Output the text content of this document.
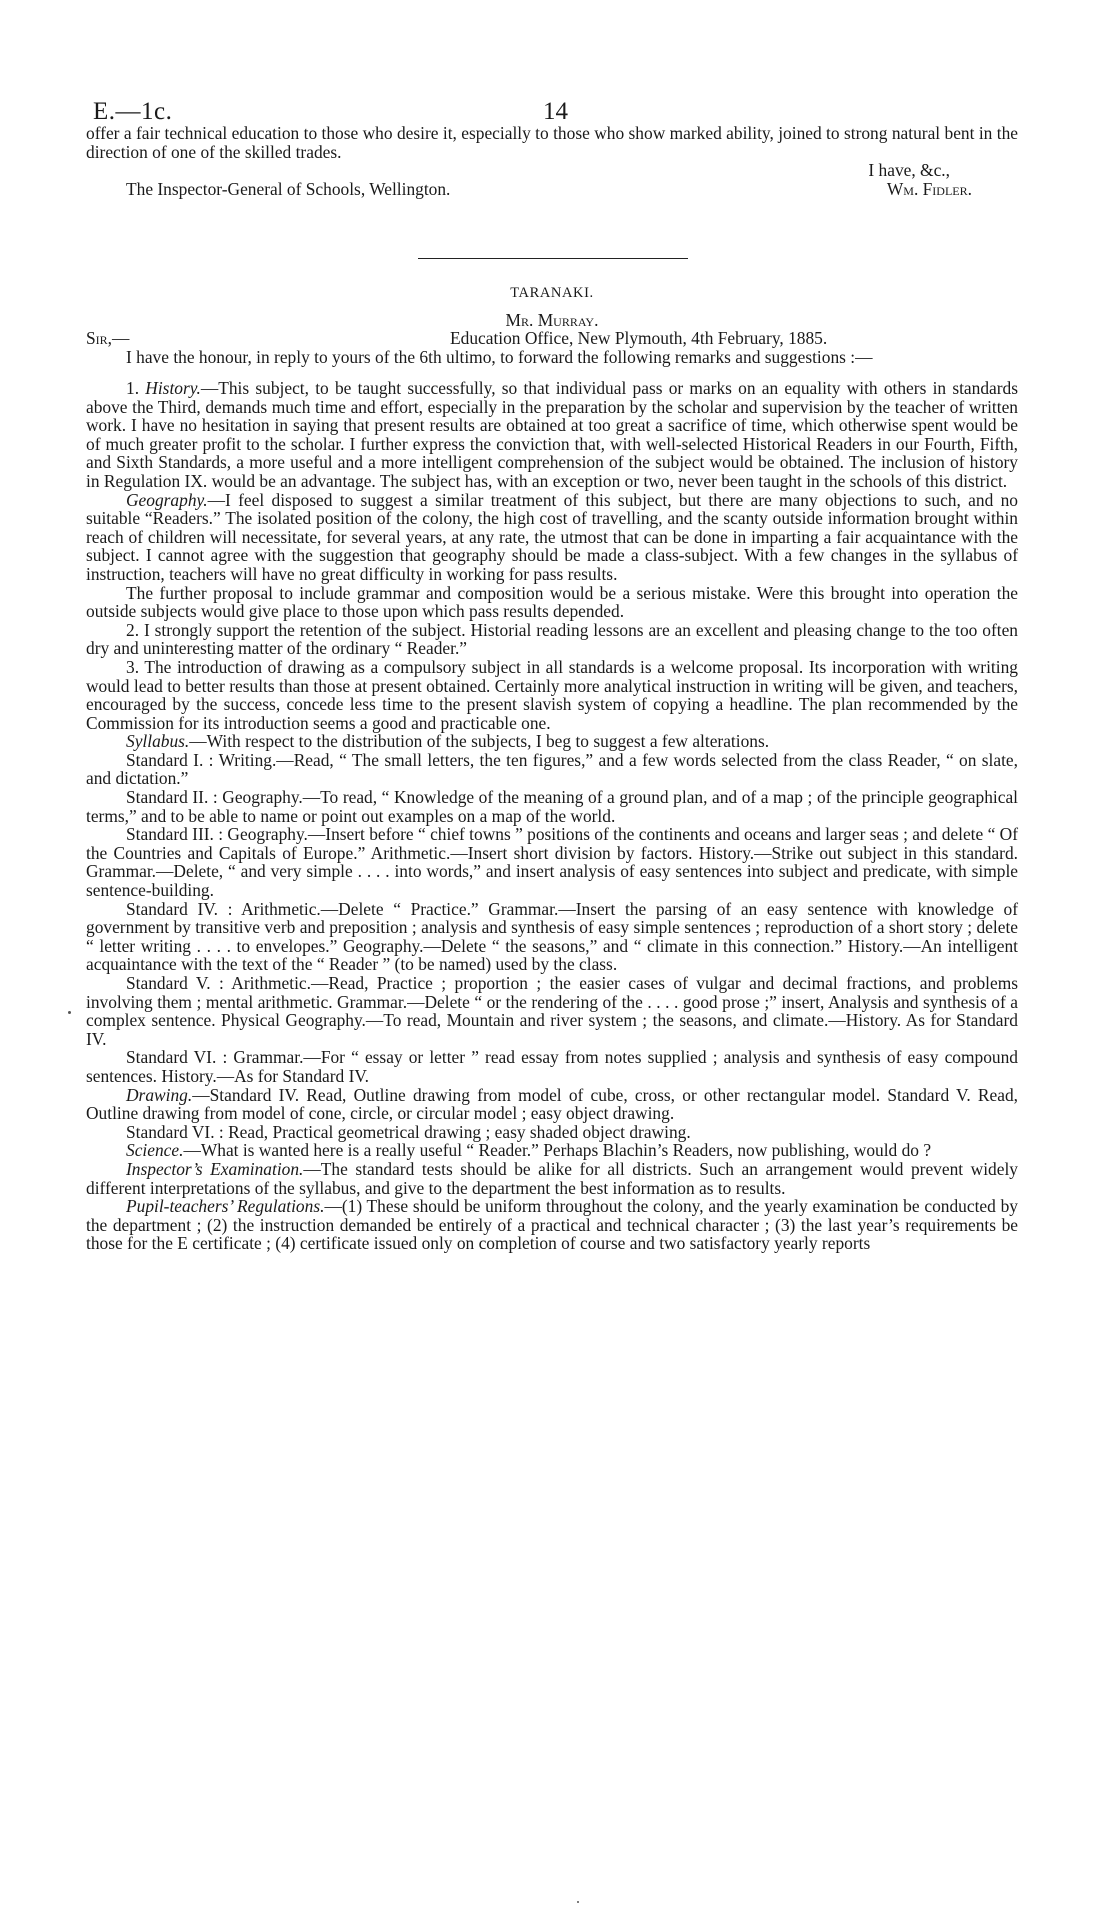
E.—1c.	14

offer a fair technical education to those who desire it, especially to those who show marked ability, joined to strong natural bent in the direction of one of the skilled trades.

I have, &c.,
The Inspector-General of Schools, Wellington.	Wm. Fidler.

TARANAKI.

Mr. Murray.

Sir,—	Education Office, New Plymouth, 4th February, 1885.

I have the honour, in reply to yours of the 6th ultimo, to forward the following remarks and suggestions :—

1. History.—This subject, to be taught successfully, so that individual pass or marks on an equality with others in standards above the Third, demands much time and effort, especially in the preparation by the scholar and supervision by the teacher of written work. I have no hesitation in saying that present results are obtained at too great a sacrifice of time, which otherwise spent would be of much greater profit to the scholar. I further express the conviction that, with well-selected Historical Readers in our Fourth, Fifth, and Sixth Standards, a more useful and a more intelligent comprehension of the subject would be obtained. The inclusion of history in Regulation IX. would be an advantage. The subject has, with an exception or two, never been taught in the schools of this district.

Geography.—I feel disposed to suggest a similar treatment of this subject, but there are many objections to such, and no suitable “Readers.” The isolated position of the colony, the high cost of travelling, and the scanty outside information brought within reach of children will necessitate, for several years, at any rate, the utmost that can be done in imparting a fair acquaintance with the subject. I cannot agree with the suggestion that geography should be made a class-subject. With a few changes in the syllabus of instruction, teachers will have no great difficulty in working for pass results.

The further proposal to include grammar and composition would be a serious mistake. Were this brought into operation the outside subjects would give place to those upon which pass results depended.

2. I strongly support the retention of the subject. Historial reading lessons are an excellent and pleasing change to the too often dry and uninteresting matter of the ordinary “ Reader.”

3. The introduction of drawing as a compulsory subject in all standards is a welcome proposal. Its incorporation with writing would lead to better results than those at present obtained. Certainly more analytical instruction in writing will be given, and teachers, encouraged by the success, concede less time to the present slavish system of copying a headline. The plan recommended by the Commission for its introduction seems a good and practicable one.

Syllabus.—With respect to the distribution of the subjects, I beg to suggest a few alterations.

Standard I. : Writing.—Read, “ The small letters, the ten figures,” and a few words selected from the class Reader, “ on slate, and dictation.”

Standard II. : Geography.—To read, “ Knowledge of the meaning of a ground plan, and of a map ; of the principle geographical terms,” and to be able to name or point out examples on a map of the world.

Standard III. : Geography.—Insert before “ chief towns ” positions of the continents and oceans and larger seas ; and delete “ Of the Countries and Capitals of Europe.” Arithmetic.—Insert short division by factors. History.—Strike out subject in this standard. Grammar.—Delete, “ and very simple . . . . into words,” and insert analysis of easy sentences into subject and predicate, with simple sentence-building.

Standard IV. : Arithmetic.—Delete “ Practice.” Grammar.—Insert the parsing of an easy sentence with knowledge of government by transitive verb and preposition ; analysis and synthesis of easy simple sentences ; reproduction of a short story ; delete “ letter writing . . . . to envelopes.” Geography.—Delete “ the seasons,” and “ climate in this connection.” History.—An intelligent acquaintance with the text of the “ Reader ” (to be named) used by the class.

Standard V. : Arithmetic.—Read, Practice ; proportion ; the easier cases of vulgar and decimal fractions, and problems involving them ; mental arithmetic. Grammar.—Delete “ or the rendering of the . . . . good prose ;” insert, Analysis and synthesis of a complex sentence. Physical Geography.—To read, Mountain and river system ; the seasons, and climate.—History. As for Standard IV.

Standard VI. : Grammar.—For “ essay or letter ” read essay from notes supplied ; analysis and synthesis of easy compound sentences. History.—As for Standard IV.

Drawing.—Standard IV. Read, Outline drawing from model of cube, cross, or other rectangular model. Standard V. Read, Outline drawing from model of cone, circle, or circular model ; easy object drawing.

Standard VI. : Read, Practical geometrical drawing ; easy shaded object drawing.

Science.—What is wanted here is a really useful “ Reader.” Perhaps Blachin’s Readers, now publishing, would do ?

Inspector’s Examination.—The standard tests should be alike for all districts. Such an arrangement would prevent widely different interpretations of the syllabus, and give to the department the best information as to results.

Pupil-teachers’ Regulations.—(1) These should be uniform throughout the colony, and the yearly examination be conducted by the department ; (2) the instruction demanded be entirely of a practical and technical character ; (3) the last year’s requirements be those for the E certificate ; (4) certificate issued only on completion of course and two satisfactory yearly reports
